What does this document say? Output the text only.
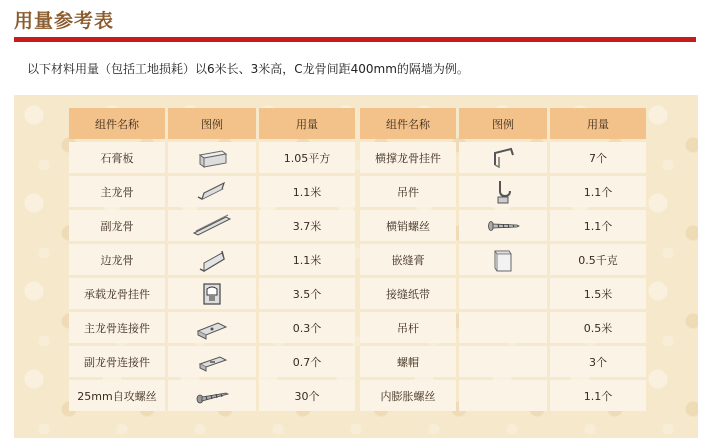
用量参考表
以下材料用量（包括工地损耗）以6米长、3米高，C龙骨间距400mm的隔墙为例。
组件名称	图例	用量
石膏板		1.05平方
主龙骨		1.1米
副龙骨		3.7米
边龙骨		1.1米
承载龙骨挂件		3.5个
主龙骨连接件		0.3个
副龙骨连接件		0.7个
25mm自攻螺丝		30个
组件名称	图例	用量
横撑龙骨挂件		7个
吊件		1.1个
横销螺丝		1.1个
嵌缝膏		0.5千克
接缝纸带		1.5米
吊杆		0.5米
螺帽		3个
内膨胀螺丝		1.1个
